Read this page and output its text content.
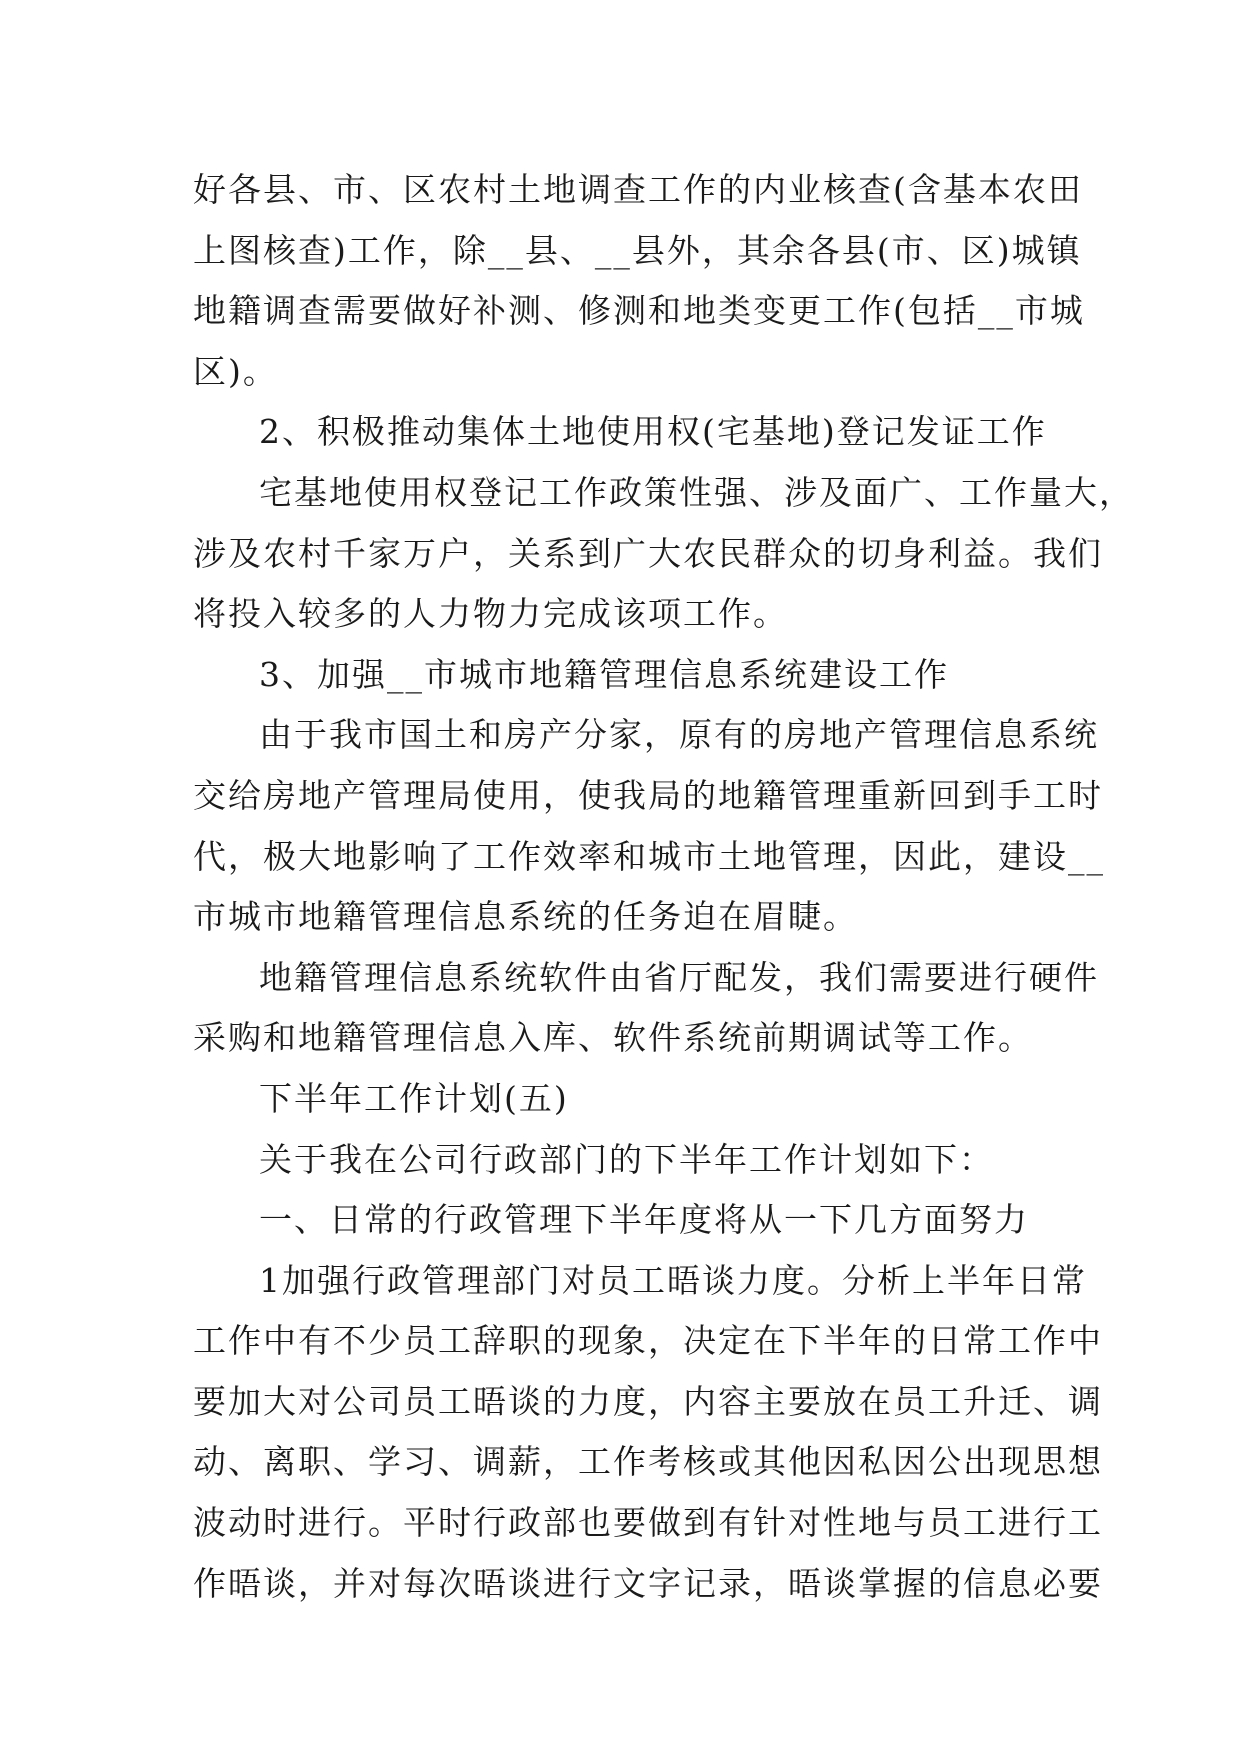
好各县、市、区农村土地调查工作的内业核查(含基本农田
上图核查)工作，除__县、__县外，其余各县(市、区)城镇
地籍调查需要做好补测、修测和地类变更工作(包括__市城
区)。
2、积极推动集体土地使用权(宅基地)登记发证工作
宅基地使用权登记工作政策性强、涉及面广、工作量大，
涉及农村千家万户，关系到广大农民群众的切身利益。我们
将投入较多的人力物力完成该项工作。
3、加强__市城市地籍管理信息系统建设工作
由于我市国土和房产分家，原有的房地产管理信息系统
交给房地产管理局使用，使我局的地籍管理重新回到手工时
代，极大地影响了工作效率和城市土地管理，因此，建设__
市城市地籍管理信息系统的任务迫在眉睫。
地籍管理信息系统软件由省厅配发，我们需要进行硬件
采购和地籍管理信息入库、软件系统前期调试等工作。
下半年工作计划(五)
关于我在公司行政部门的下半年工作计划如下：
一、日常的行政管理下半年度将从一下几方面努力
1加强行政管理部门对员工晤谈力度。分析上半年日常
工作中有不少员工辞职的现象，决定在下半年的日常工作中
要加大对公司员工晤谈的力度，内容主要放在员工升迁、调
动、离职、学习、调薪，工作考核或其他因私因公出现思想
波动时进行。平时行政部也要做到有针对性地与员工进行工
作晤谈，并对每次晤谈进行文字记录，晤谈掌握的信息必要
